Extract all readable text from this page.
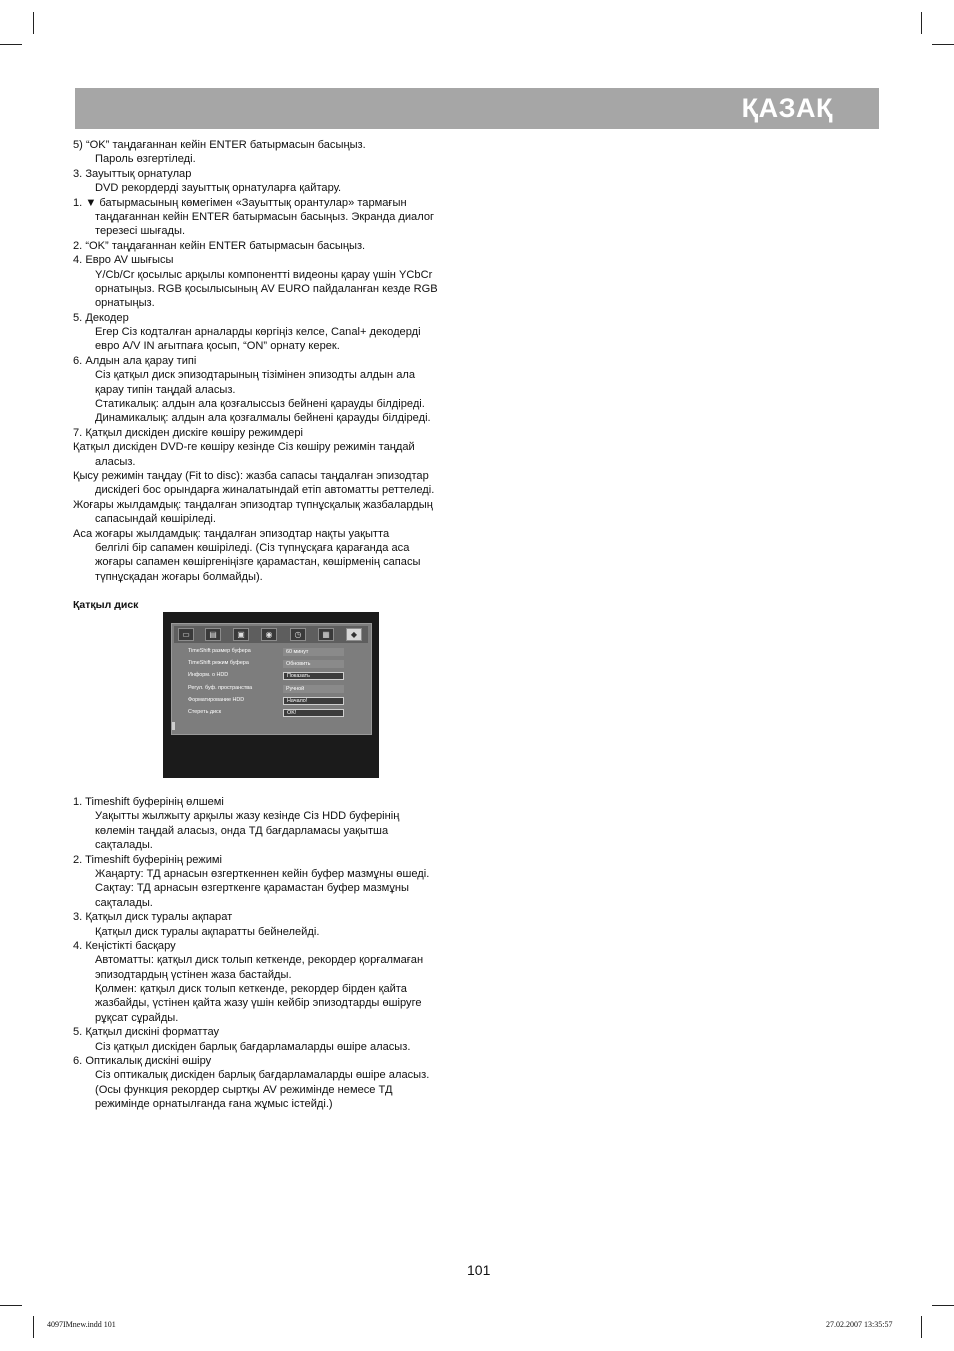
ҚАЗАҚ
5) “OK” таңдағаннан кейін ENTER батырмасын басыңыз.
Пароль өзгертіледі.
3. Зауыттық орнатулар
DVD рекордерді зауыттық орнатуларға қайтару.
1. ▼ батырмасының көмегімен «Зауыттық орантулар» тармағын
таңдағаннан кейін ENTER батырмасын басыңыз. Экранда диалог
терезесі шығады.
2. “OK” таңдағаннан кейін ENTER батырмасын басыңыз.
4. Евро AV шығысы
Y/Cb/Cr қосылыс арқылы компонентті видеоны қарау үшін YCbCr
орнатыңыз. RGB қосылысының AV EURO пайдаланған кезде RGB
орнатыңыз.
5. Декодер
Егер Сіз кодталған арналарды көргіңіз келсе, Canal+ декодерді
евро A/V IN ағытпаға қосып, “ON” орнату керек.
6. Алдын ала қарау типі
Сіз қатқыл диск эпизодтарының тізімінен эпизодты алдын ала
қарау типін таңдай аласыз.
Статикалық: алдын ала қозғалыссыз бейнені қарауды білдіреді.
Динамикалық: алдын ала қозғалмалы бейнені қарауды білдіреді.
7. Қатқыл дискіден дискіге көшіру режимдері
Қатқыл дискіден DVD-ге көшіру кезінде Сіз көшіру режимін таңдай
аласыз.
Қысу режимін таңдау (Fit to disc): жазба сапасы таңдалған эпизодтар
дискідегі бос орындарға жиналатындай етіп автоматты реттеледі.
Жоғары жылдамдық: таңдалған эпизодтар түпнұсқалық жазбалардың
сапасындай көшіріледі.
Аса жоғары жылдамдық: таңдалған эпизодтар нақты уақытта
белгілі бір сапамен көшіріледі. (Сіз түпнұсқаға қарағанда аса
жоғары сапамен көшіргеніңізге қарамастан, көшірменің сапасы
түпнұсқадан жоғары болмайды).
Қатқыл диск
▭	▤	▣	◉	◷	▦	◆
TimeShift размер буфера	60 минут
TimeShift режим буфера	Обновить
Информ. о HDD	Показать
Регул. буф. пространства	Ручной
Форматирование HDD	Начало!
Стереть диск	OK!
1. Timeshift буферінің өлшемі
Уақытты жылжыту арқылы жазу кезінде Сіз HDD буферінің
көлемін таңдай аласыз, онда ТД бағдарламасы уақытша
сақталады.
2. Timeshift буферінің режимі
Жаңарту: ТД арнасын өзгерткеннен кейін буфер мазмұны өшеді.
Сақтау: ТД арнасын өзгерткенге қарамастан буфер мазмұны
сақталады.
3. Қатқыл диск туралы ақпарат
Қатқыл диск туралы ақпаратты бейнелейді.
4. Кеңістікті басқару
Автоматты: қатқыл диск толып кеткенде, рекордер қорғалмаған
эпизодтардың үстінен жаза бастайды.
Қолмен: қатқыл диск толып кеткенде, рекордер бірден қайта
жазбайды, үстінен қайта жазу үшін кейбір эпизодтарды өшіруге
рұқсат сұрайды.
5. Қатқыл дискіні форматтау
Сіз қатқыл дискіден барлық бағдарламаларды өшіре аласыз.
6. Оптикалық дискіні өшіру
Сіз оптикалық дискіден барлық бағдарламаларды өшіре аласыз.
(Осы функция рекордер сыртқы AV режимінде немесе ТД
режимінде орнатылғанда ғана жұмыс істейді.)
101
4097IMnew.indd 101	27.02.2007 13:35:57
